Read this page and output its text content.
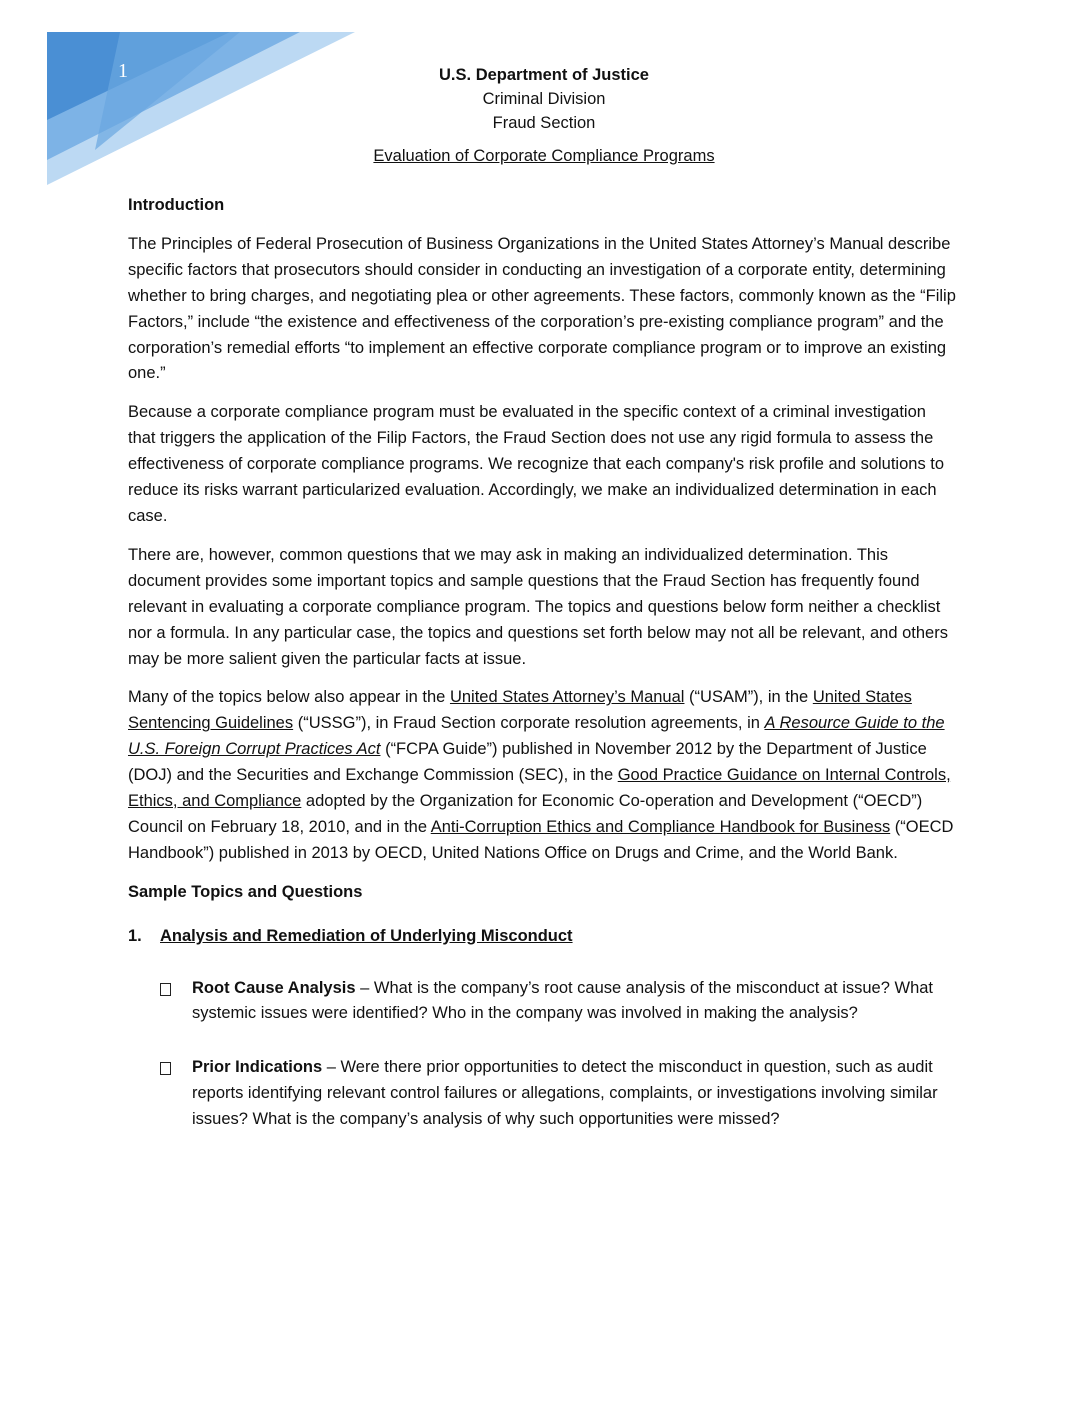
1	U.S. Department of Justice
Criminal Division
Fraud Section
Evaluation of Corporate Compliance Programs
Introduction

The Principles of Federal Prosecution of Business Organizations in the United States Attorney’s Manual describe specific factors that prosecutors should consider in conducting an investigation of a corporate entity, determining whether to bring charges, and negotiating plea or other agreements. These factors, commonly known as the “Filip Factors,” include “the existence and effectiveness of the corporation’s pre-existing compliance program” and the corporation’s remedial efforts “to implement an effective corporate compliance program or to improve an existing one.”

Because a corporate compliance program must be evaluated in the specific context of a criminal investigation that triggers the application of the Filip Factors, the Fraud Section does not use any rigid formula to assess the effectiveness of corporate compliance programs. We recognize that each company's risk profile and solutions to reduce its risks warrant particularized evaluation. Accordingly, we make an individualized determination in each case.

There are, however, common questions that we may ask in making an individualized determination. This document provides some important topics and sample questions that the Fraud Section has frequently found relevant in evaluating a corporate compliance program. The topics and questions below form neither a checklist nor a formula. In any particular case, the topics and questions set forth below may not all be relevant, and others may be more salient given the particular facts at issue.

Many of the topics below also appear in the United States Attorney’s Manual (“USAM”), in the United States Sentencing Guidelines (“USSG”), in Fraud Section corporate resolution agreements, in A Resource Guide to the U.S. Foreign Corrupt Practices Act (“FCPA Guide”) published in November 2012 by the Department of Justice (DOJ) and the Securities and Exchange Commission (SEC), in the Good Practice Guidance on Internal Controls, Ethics, and Compliance adopted by the Organization for Economic Co-operation and Development (“OECD”) Council on February 18, 2010, and in the Anti-Corruption Ethics and Compliance Handbook for Business (“OECD Handbook”) published in 2013 by OECD, United Nations Office on Drugs and Crime, and the World Bank.

Sample Topics and Questions
1. Analysis and Remediation of Underlying Misconduct
Root Cause Analysis – What is the company’s root cause analysis of the misconduct at issue? What systemic issues were identified? Who in the company was involved in making the analysis?
Prior Indications – Were there prior opportunities to detect the misconduct in question, such as audit reports identifying relevant control failures or allegations, complaints, or investigations involving similar issues? What is the company’s analysis of why such opportunities were missed?
